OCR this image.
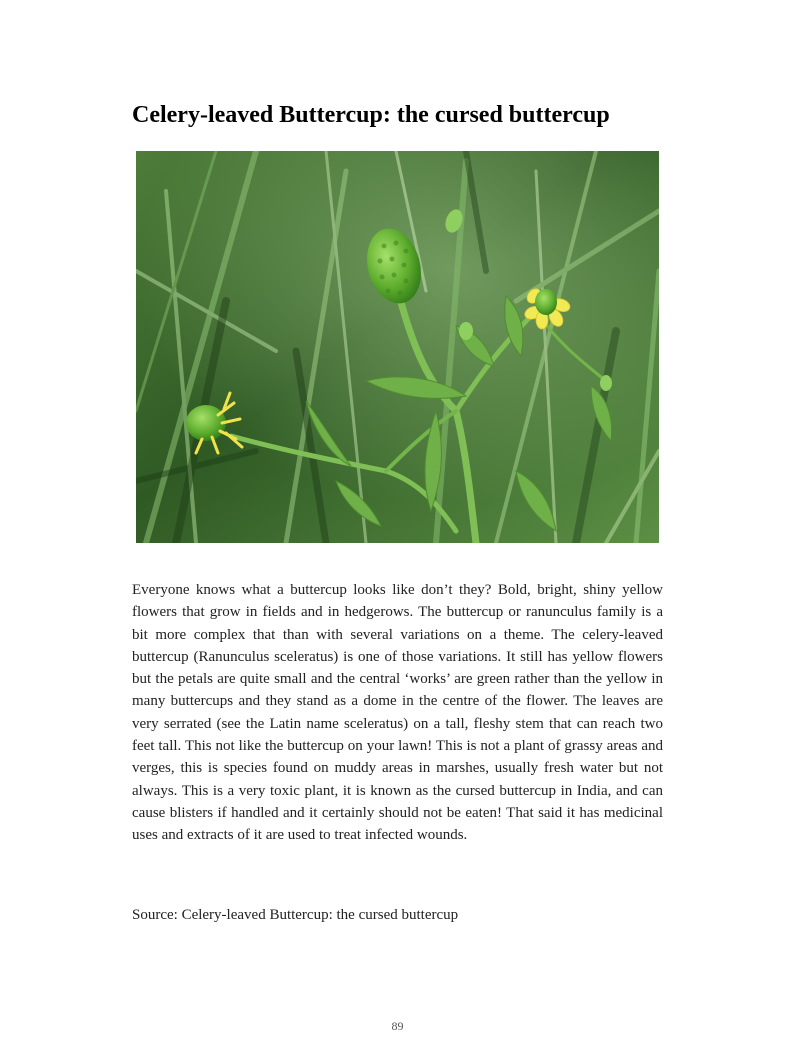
Celery-leaved Buttercup: the cursed buttercup

Everyone knows what a buttercup looks like don’t they? Bold, bright, shiny yellow flowers that grow in fields and in hedgerows. The buttercup or ranunculus family is a bit more complex that than with several variations on a theme. The celery-leaved buttercup (Ranunculus sceleratus) is one of those variations. It still has yellow flowers but the petals are quite small and the central ‘works’ are green rather than the yellow in many buttercups and they stand as a dome in the centre of the flower. The leaves are very serrated (see the Latin name sceleratus) on a tall, fleshy stem that can reach two feet tall. This not like the buttercup on your lawn! This is not a plant of grassy areas and verges, this is species found on muddy areas in marshes, usually fresh water but not always. This is a very toxic plant, it is known as the cursed buttercup in India, and can cause blisters if handled and it certainly should not be eaten! That said it has medicinal uses and extracts of it are used to treat infected wounds.

Source: Celery-leaved Buttercup: the cursed buttercup

89
